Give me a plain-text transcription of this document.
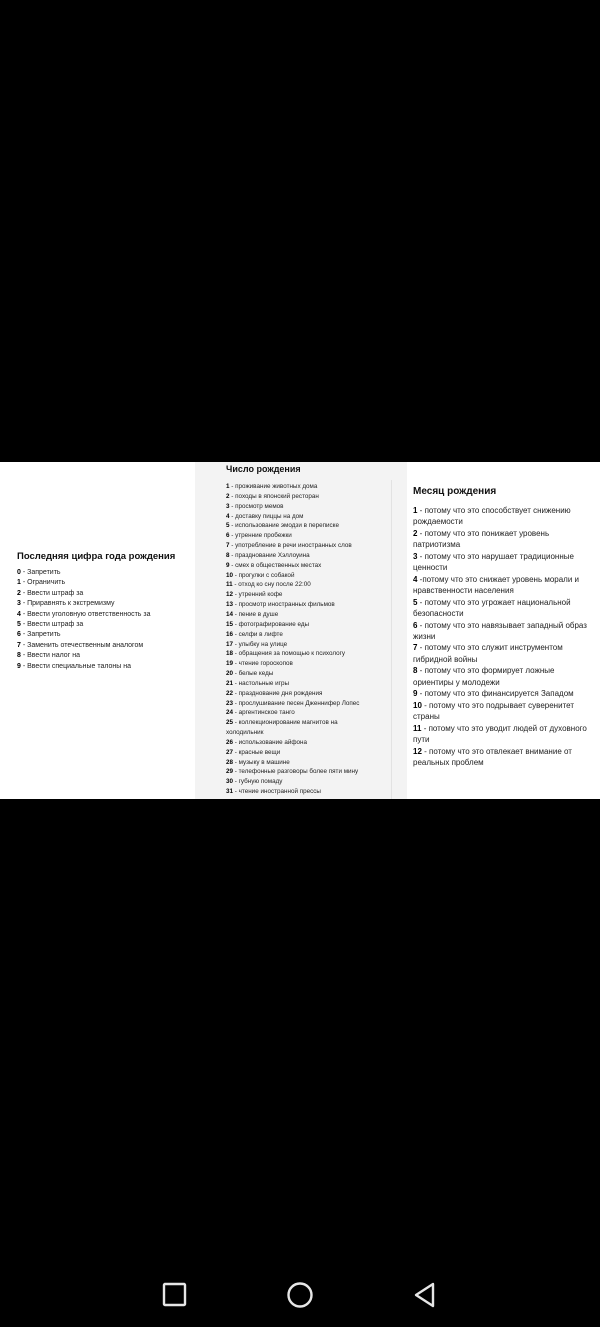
Последняя цифра года рождения
0 - Запретить
1 - Ограничить
2 - Ввести штраф за
3 - Приравнять к экстремизму
4 - Ввести уголовную ответственность за
5 - Ввести штраф за
6 - Запретить
7 - Заменить отечественным аналогом
8 - Ввести налог на
9 - Ввести специальные талоны на
Число рождения
1 - проживание животных дома
2 - походы в японский ресторан
3 - просмотр мемов
4 - доставку пиццы на дом
5 - использование эмодзи в переписке
6 - утренние пробежки
7 - употребление в речи иностранных слов
8 - празднование Хэллоуина
9 - смех в общественных местах
10 - прогулки с собакой
11 - отход ко сну после 22:00
12 - утренний кофе
13 - просмотр иностранных фильмов
14 - пение в душе
15 - фотографирование еды
16 - селфи в лифте
17 - улыбку на улице
18 - обращения за помощью к психологу
19 - чтение гороскопов
20 - белые кеды
21 - настольные игры
22 - празднование дня рождения
23 - прослушивание песен Дженнифер Лопес
24 - аргентинское танго
25 - коллекционирование магнитов на
холодильник
26 - использование айфона
27 - красные вещи
28 - музыку в машине
29 - телефонные разговоры более пяти мину
30 - губную помаду
31 - чтение иностранной прессы
Месяц рождения
1 - потому что это способствует снижению рождаемости
2 - потому что это понижает уровень патриотизма
3 - потому что это нарушает традиционные ценности
4 -потому что это снижает уровень морали и нравственности населения
5 - потому что это угрожает национальной безопасности
6 - потому что это навязывает западный образ жизни
7 - потому что это служит инструментом гибридной войны
8 - потому что это формирует ложные ориентиры у молодежи
9 - потому что это финансируется Западом
10 - потому что это подрывает суверенитет страны
11 - потому что это уводит людей от духовного пути
12 - потому что это отвлекает внимание от реальных проблем
